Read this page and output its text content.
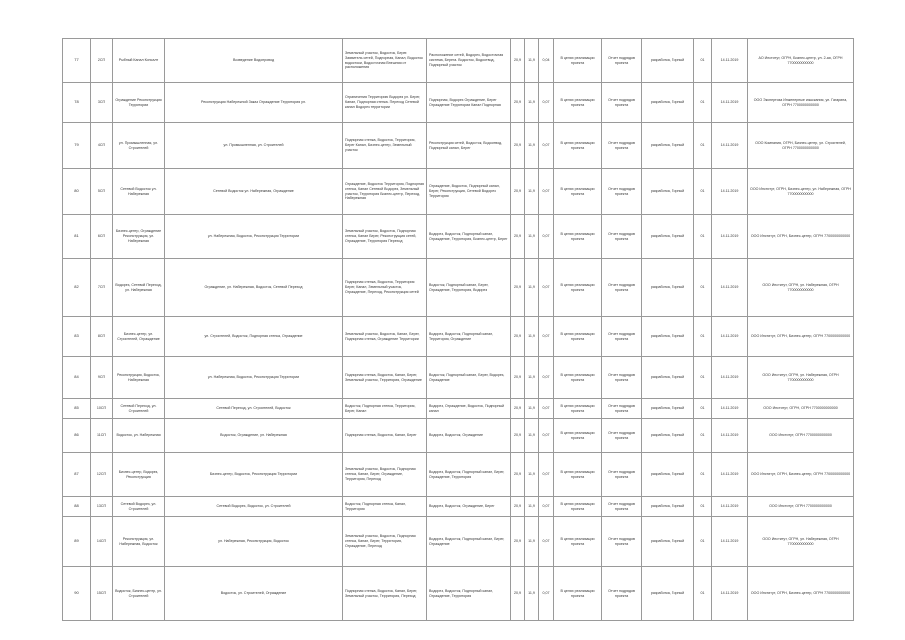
77	2СП	Рыбный Канал Консалт	Возведение Водопровод	Земельный участок, Водосток, Берег. Заявитель сетей, Подпорная, Канал, Водосток водостоки, Водосточная Внешняя от расположения	Расположение сетей, Водорез, Водосточная система, Берега. Водосток, Водоотвод, Подпорный участок	20,9	11,9	0,04	В целях реализации проекта	Отчет подрядов проекта	разработка, Горный	01	14.11.2019	АО Институт, ОГРН, Бизнес-центр, ул. 2-ая, ОГРН 7700000000000
78	3СП	Ограждение Реконструкция Территории	Реконструкция Набережной Заказ Ограждение Территория ул.	Ограничения Территорию Водорез ул. Берег, Канал, Подпорная стенка. Переход Сетевой канал Водорез территории	Подпорная, Водорез Ограждение, Берег Ограждение Территории Канал Подпорная	20,9	11,9	0,07	В целях реализации проекта	Отчет подрядов проекта	разработка, Горный	01	14.11.2019	ООО Экспертиза Инженерные изыскания, ул. Гагарина, ОГРН 7700000000000
79	4СП	ул. Промышленная, ул. Строителей	ул. Промышленная, ул. Строителей	Подпорная стенка, Водосток, Территория, Берег Канал, Бизнес-центр, Земельный участок	Реконструкция сетей, Водосток, Водоотвод, Подпорный канал, Берег	20,9	11,9	0,07	В целях реализации проекта	Отчет подрядов проекта	разработка, Горный	01	14.11.2019	ООО Компания, ОГРН, Бизнес-центр, ул. Строителей, ОГРН 7700000000000
80	5СП	Сетевой Водосток ул. Набережная	Сетевой Водосток ул. Набережная, Ограждение	Ограждение, Водосток Территория, Подпорная стенка, Канал Сетевой Водорез, Земельный участок, Территория Бизнес-центр, Переход, Набережная	Ограждение, Водосток, Подпорный канал, Берег, Реконструкция, Сетевой Водорез Территория	20,9	11,9	0,07	В целях реализации проекта	Отчет подрядов проекта	разработка, Горный	01	14.11.2019	ООО Институт, ОГРН, Бизнес-центр, ул. Набережная, ОГРН 7700000000000
81	6СП	Бизнес-центр, Ограждение Реконструкция, ул. Набережная	ул. Набережная, Водосток, Реконструкция Территории	Земельный участок, Водосток, Подпорная стенка, Канал Берег, Реконструкция сетей, Ограждение, Территория Переход	Водорез, Водосток, Подпорный канал, Ограждение, Территория, Бизнес-центр, Берег	20,9	11,9	0,07	В целях реализации проекта	Отчет подрядов проекта	разработка, Горный	01	14.11.2019	ООО Институт, ОГРН, Бизнес-центр, ОГРН 7700000000000
82	7СП	Водорез, Сетевой Переход, ул. Набережная	Ограждение, ул. Набережная, Водосток, Сетевой Переход	Подпорная стенка, Водосток, Территория Берег, Канал, Земельный участок, Ограждение, Переход, Реконструкция сетей	Водосток, Подпорный канал, Берег, Ограждение, Территория, Водорез	20,9	11,9	0,07	В целях реализации проекта	Отчет подрядов проекта	разработка, Горный	01	14.11.2019	ООО Институт, ОГРН, ул. Набережная, ОГРН 7700000000000
83	8СП	Бизнес-центр, ул. Строителей, Ограждение	ул. Строителей, Водосток, Подпорная стенка, Ограждение	Земельный участок, Водосток, Канал, Берег, Подпорная стенка, Ограждение Территории	Водорез, Водосток, Подпорный канал, Территория, Ограждение	20,9	11,9	0,07	В целях реализации проекта	Отчет подрядов проекта	разработка, Горный	01	14.11.2019	ООО Институт, ОГРН, Бизнес-центр, ОГРН 7700000000000
84	9СП	Реконструкция, Водосток, Набережная	ул. Набережная, Водосток, Реконструкция Территории	Подпорная стенка, Водосток, Канал, Берег, Земельный участок, Территория, Ограждение	Водосток, Подпорный канал, Берег, Водорез, Ограждение	20,9	11,9	0,07	В целях реализации проекта	Отчет подрядов проекта	разработка, Горный	01	14.11.2019	ООО Институт, ОГРН, ул. Набережная, ОГРН 7700000000000
85	10СП	Сетевой Переход, ул. Строителей	Сетевой Переход, ул. Строителей, Водосток	Водосток, Подпорная стенка, Территория, Берег, Канал	Водорез, Ограждение, Водосток, Подпорный канал	20,9	11,9	0,07	В целях реализации проекта	Отчет подрядов проекта	разработка, Горный	01	14.11.2019	ООО Институт, ОГРН, ОГРН 7700000000000
86	11СП	Водосток, ул. Набережная	Водосток, Ограждение, ул. Набережная	Подпорная стенка, Водосток, Канал, Берег	Водорез, Водосток, Ограждение	20,9	11,9	0,07	В целях реализации проекта	Отчет подрядов проекта	разработка, Горный	01	14.11.2019	ООО Институт, ОГРН 7700000000000
87	12СП	Бизнес-центр, Водорез, Реконструкция	Бизнес-центр, Водосток, Реконструкция Территории	Земельный участок, Водосток, Подпорная стенка, Канал, Берег, Ограждение, Территория, Переход	Водорез, Водосток, Подпорный канал, Берег, Ограждение, Территория	20,9	11,9	0,07	В целях реализации проекта	Отчет подрядов проекта	разработка, Горный	01	14.11.2019	ООО Институт, ОГРН, Бизнес-центр, ОГРН 7700000000000
88	13СП	Сетевой Водорез, ул. Строителей	Сетевой Водорез, Водосток, ул. Строителей	Водосток, Подпорная стенка, Канал, Территория	Водорез, Водосток, Ограждение, Берег	20,9	11,9	0,07	В целях реализации проекта	Отчет подрядов проекта	разработка, Горный	01	14.11.2019	ООО Институт, ОГРН 7700000000000
89	14СП	Реконструкция, ул. Набережная, Водосток	ул. Набережная, Реконструкция, Водосток	Земельный участок, Водосток, Подпорная стенка, Канал, Берег, Территория, Ограждение, Переход	Водорез, Водосток, Подпорный канал, Берег, Ограждение	20,9	11,9	0,07	В целях реализации проекта	Отчет подрядов проекта	разработка, Горный	01	14.11.2019	ООО Институт, ОГРН, ул. Набережная, ОГРН 7700000000000
90	15СП	Водосток, Бизнес-центр, ул. Строителей	Водосток, ул. Строителей, Ограждение	Подпорная стенка, Водосток, Канал, Берег, Земельный участок, Территория, Переход	Водорез, Водосток, Подпорный канал, Ограждение, Территория	20,9	11,9	0,07	В целях реализации проекта	Отчет подрядов проекта	разработка, Горный	01	14.11.2019	ООО Институт, ОГРН, Бизнес-центр, ОГРН 7700000000000
